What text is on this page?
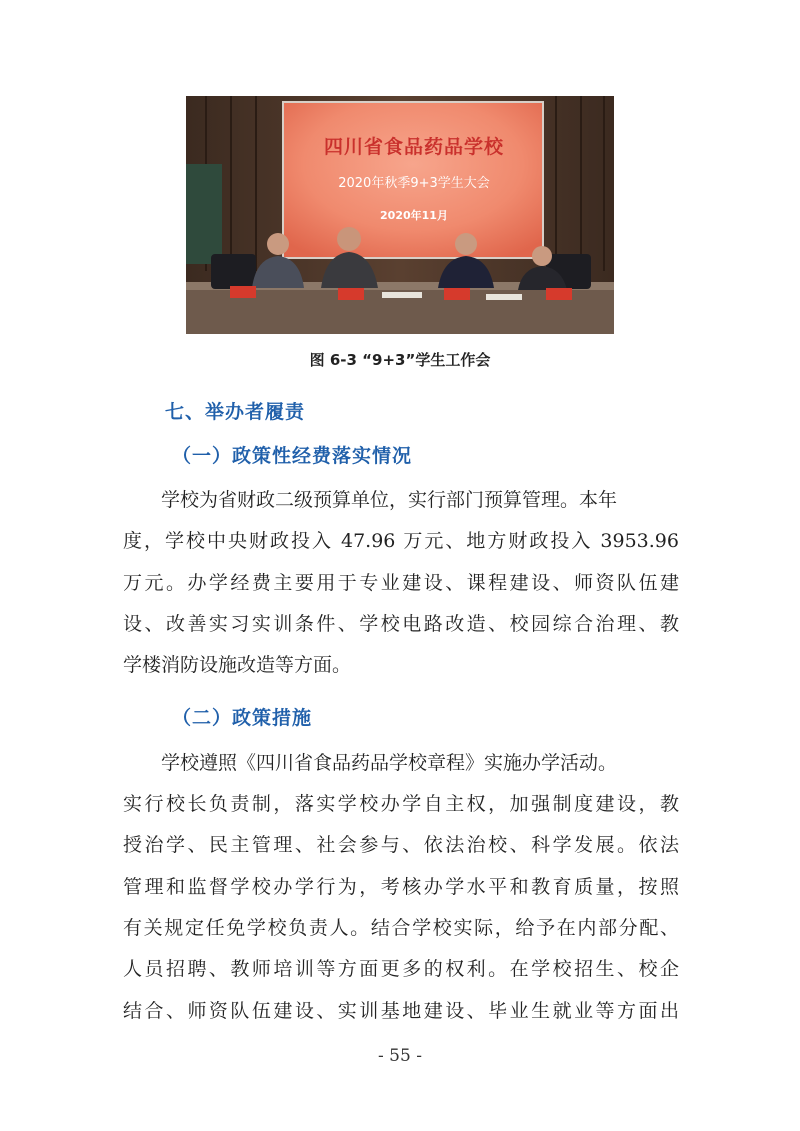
四川省食品药品学校
2020年秋季9+3学生大会
2020年11月
图 6-3 “9+3”学生工作会
七、举办者履责
（一）政策性经费落实情况
学校为省财政二级预算单位，实行部门预算管理。本年
度，学校中央财政投入 47.96 万元、地方财政投入 3953.96
万元。办学经费主要用于专业建设、课程建设、师资队伍建
设、改善实习实训条件、学校电路改造、校园综合治理、教
学楼消防设施改造等方面。
（二）政策措施
学校遵照《四川省食品药品学校章程》实施办学活动。
实行校长负责制，落实学校办学自主权，加强制度建设，教
授治学、民主管理、社会参与、依法治校、科学发展。依法
管理和监督学校办学行为，考核办学水平和教育质量，按照
有关规定任免学校负责人。结合学校实际，给予在内部分配、
人员招聘、教师培训等方面更多的权利。在学校招生、校企
结合、师资队伍建设、实训基地建设、毕业生就业等方面出
- 55 -
